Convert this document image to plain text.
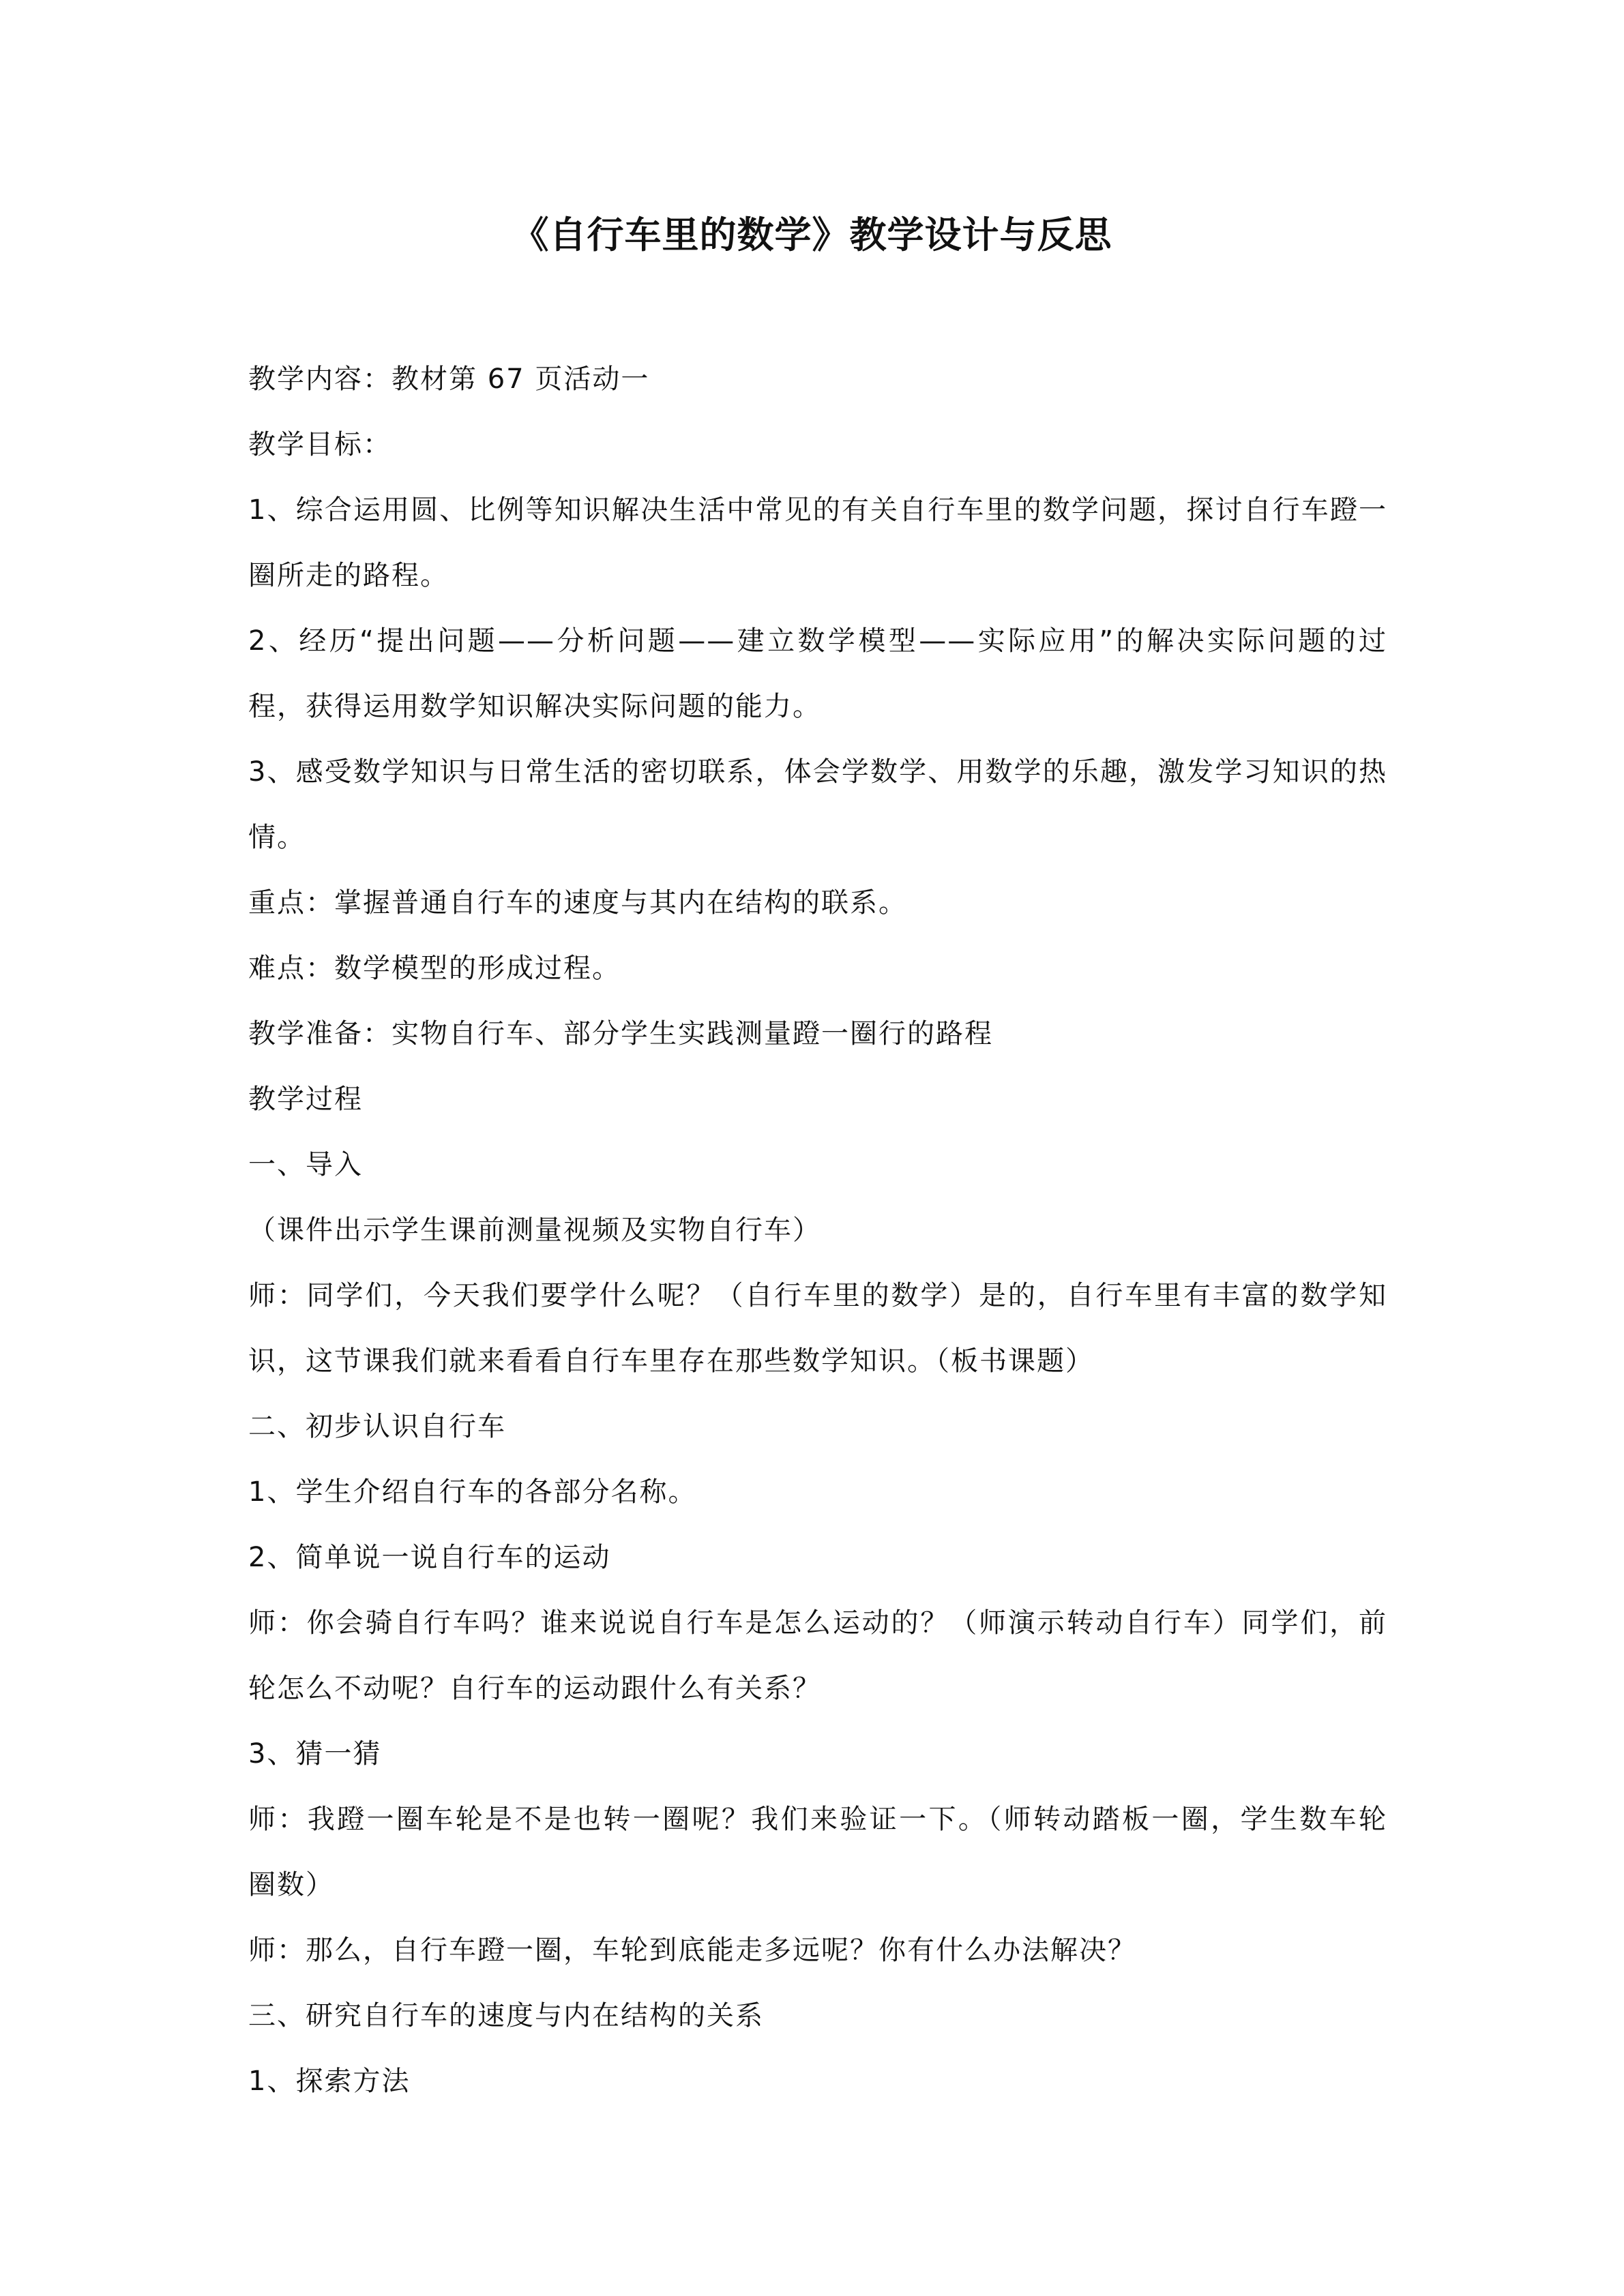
《自行车里的数学》教学设计与反思
教学内容：教材第 67 页活动一
教学目标：
1、综合运用圆、比例等知识解决生活中常见的有关自行车里的数学问题，探讨自行车蹬一
圈所走的路程。
2、经历“提出问题——分析问题——建立数学模型——实际应用”的解决实际问题的过
程，获得运用数学知识解决实际问题的能力。
3、感受数学知识与日常生活的密切联系，体会学数学、用数学的乐趣，激发学习知识的热
情。
重点：掌握普通自行车的速度与其内在结构的联系。
难点：数学模型的形成过程。
教学准备：实物自行车、部分学生实践测量蹬一圈行的路程
教学过程
一、导入
（课件出示学生课前测量视频及实物自行车）
师：同学们，今天我们要学什么呢？（自行车里的数学）是的，自行车里有丰富的数学知
识，这节课我们就来看看自行车里存在那些数学知识。（板书课题）
二、初步认识自行车
1、学生介绍自行车的各部分名称。
2、简单说一说自行车的运动
师：你会骑自行车吗？谁来说说自行车是怎么运动的？（师演示转动自行车）同学们，前
轮怎么不动呢？自行车的运动跟什么有关系？
3、猜一猜
师：我蹬一圈车轮是不是也转一圈呢？我们来验证一下。（师转动踏板一圈，学生数车轮
圈数）
师：那么，自行车蹬一圈，车轮到底能走多远呢？你有什么办法解决？
三、研究自行车的速度与内在结构的关系
1、探索方法
